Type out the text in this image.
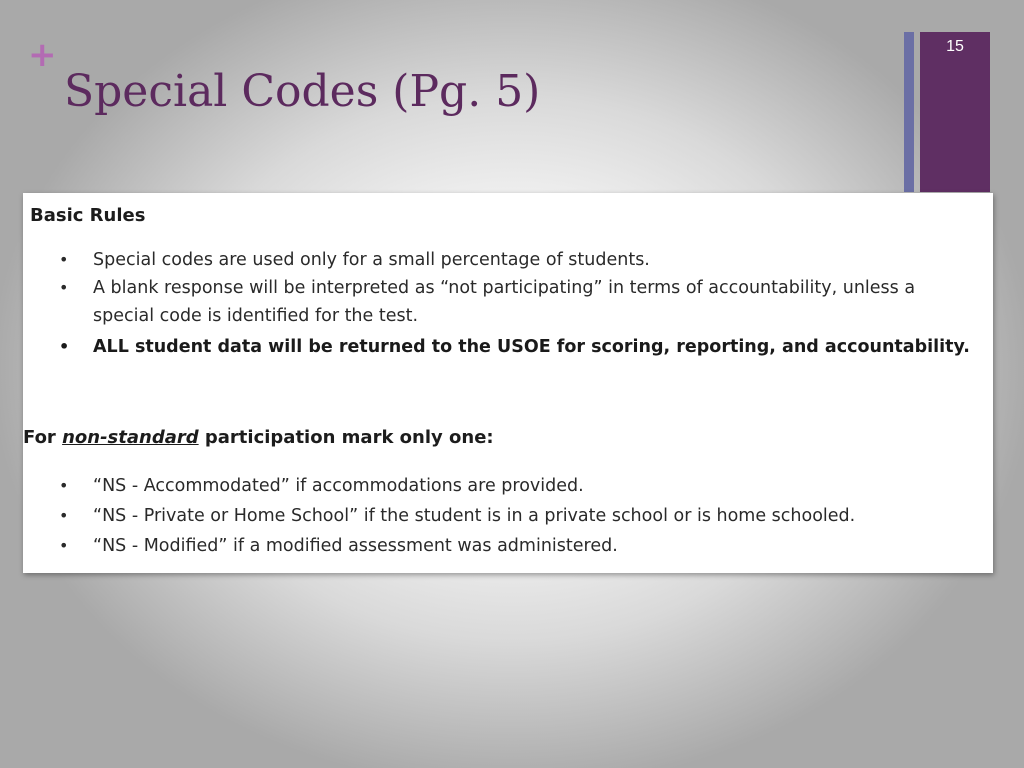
+
Special Codes (Pg. 5)
15
Basic Rules
• Special codes are used only for a small percentage of students.
• A blank response will be interpreted as “not participating” in terms of accountability, unless a special code is identified for the test.
• ALL student data will be returned to the USOE for scoring, reporting, and accountability.
For non-standard participation mark only one:
• “NS - Accommodated” if accommodations are provided.
• “NS - Private or Home School” if the student is in a private school or is home schooled.
• “NS - Modified” if a modified assessment was administered.
